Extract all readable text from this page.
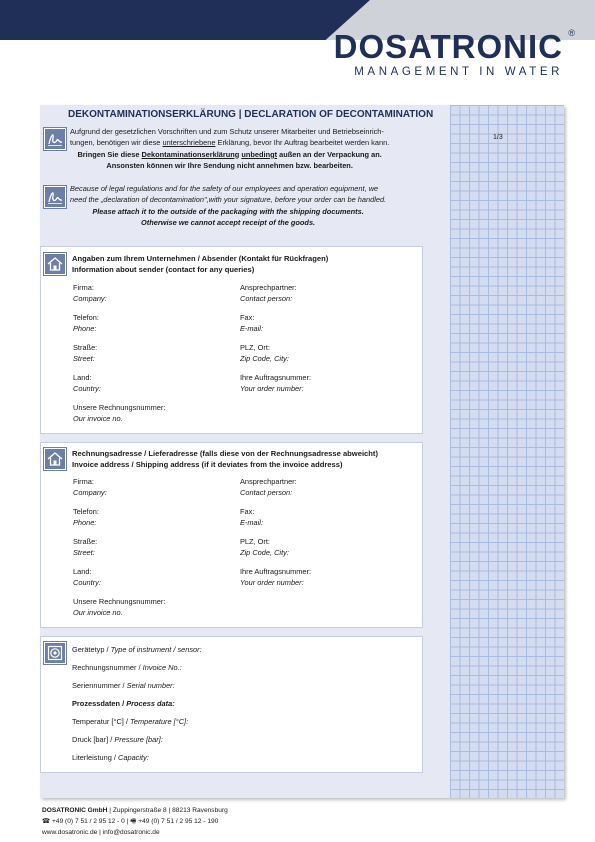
DOSATRONIC ®
MANAGEMENT IN WATER
1/3
DEKONTAMINATIONSERKLÄRUNG | DECLARATION OF DECONTAMINATION
Aufgrund der gesetzlichen Vorschriften und zum Schutz unserer Mitarbeiter und Betriebseinrich-
tungen, benötigen wir diese unterschriebene Erklärung, bevor Ihr Auftrag bearbeitet werden kann.
Bringen Sie diese Dekontaminationserklärung unbedingt außen an der Verpackung an.
Ansonsten können wir Ihre Sendung nicht annehmen bzw. bearbeiten.
Because of legal regulations and for the safety of our employees and operation equipment, we
need the „declaration of decontamination",with your signature, before your order can be handled.
Please attach it to the outside of the packaging with the shipping documents.
Otherwise we cannot accept receipt of the goods.
Angaben zum Ihrem Unternehmen / Absender (Kontakt für Rückfragen)
Information about sender (contact for any queries)
Firma:
Company:
Ansprechpartner:
Contact person:
Telefon:
Phone:
Fax:
E-mail:
Straße:
Street:
PLZ, Ort:
Zip Code, City:
Land:
Country:
Ihre Auftragsnummer:
Your order number:
Unsere Rechnungsnummer:
Our invoice no.
Rechnungsadresse / Lieferadresse (falls diese von der Rechnungsadresse abweicht)
Invoice address / Shipping address (if it deviates from the invoice address)
Firma:
Company:
Ansprechpartner:
Contact person:
Telefon:
Phone:
Fax:
E-mail:
Straße:
Street:
PLZ, Ort:
Zip Code, City:
Land:
Country:
Ihre Auftragsnummer:
Your order number:
Unsere Rechnungsnummer:
Our invoice no.
Gerätetyp / Type of instrument / sensor:
Rechnungsnummer / Invoice No.:
Seriennummer / Serial number:
Prozessdaten / Process data:
Temperatur [°C] / Temperature [°C]:
Druck [bar] / Pressure [bar]:
Literleistung / Capacity:
DOSATRONIC GmbH | Zuppingerstraße 8 | 88213 Ravensburg
☎ +49 (0) 7 51 / 2 95 12 - 0 | 🖷 +49 (0) 7 51 / 2 95 12 - 190
www.dosatronic.de | info@dosatronic.de
